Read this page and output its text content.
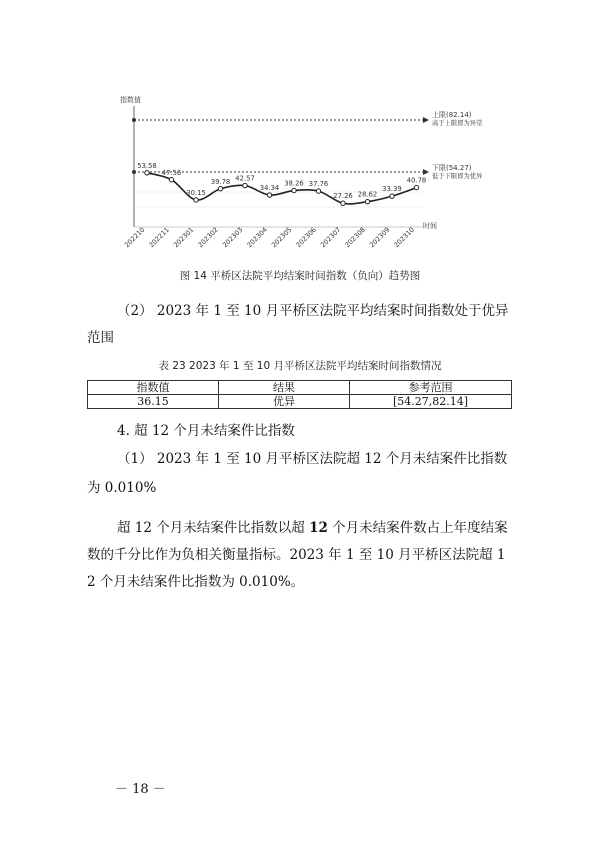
指数值
上限(82.14)
高于上限即为异常
下限(54.27)
低于下限即为优异
时间
53.58
202210
47.56
202211
30.15
202301
39.78
202302
42.57
202303
34.34
202304
38.26
202305
37.76
202306
27.26
202307
28.62
202308
33.39
202309
40.78
202310
图 14 平桥区法院平均结案时间指数（负向）趋势图
（2） 2023 年 1 至 10 月平桥区法院平均结案时间指数处于优异
范围
表 23 2023 年 1 至 10 月平桥区法院平均结案时间指数情况
指数值	结果	参考范围
36.15	优异	[54.27,82.14]
4. 超 12 个月未结案件比指数
（1） 2023 年 1 至 10 月平桥区法院超 12 个月未结案件比指数
为 0.010%
超 12 个月未结案件比指数以超 12 个月未结案件数占上年度结案
数的千分比作为负相关衡量指标。2023 年 1 至 10 月平桥区法院超 1
2 个月未结案件比指数为 0.010%。
－ 18 －
